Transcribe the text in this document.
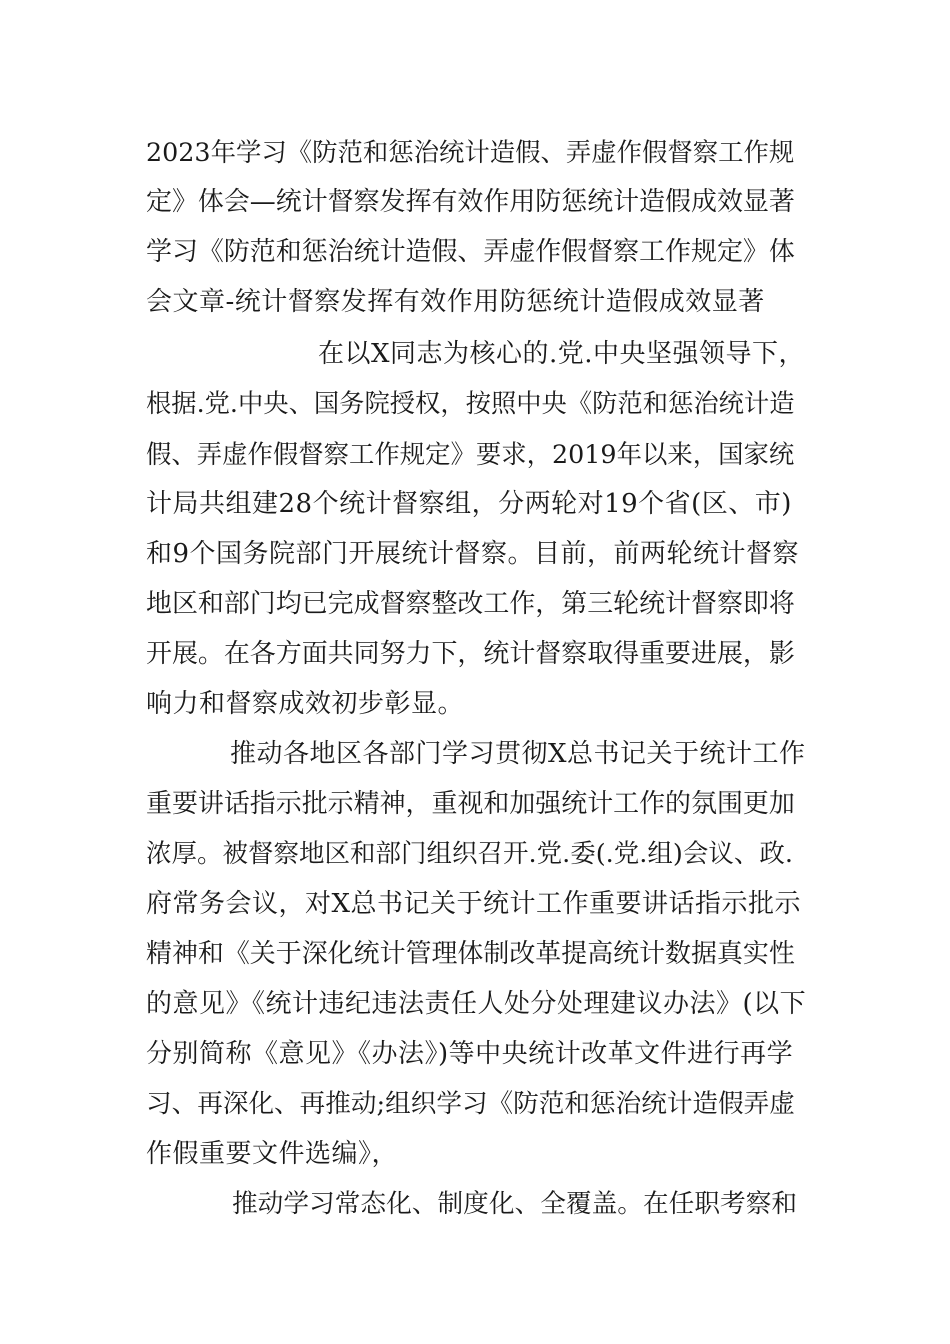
2023年学习《防范和惩治统计造假、弄虚作假督察工作规
定》体会—统计督察发挥有效作用防惩统计造假成效显著
学习《防范和惩治统计造假、弄虚作假督察工作规定》体
会文章-统计督察发挥有效作用防惩统计造假成效显著
在以X同志为核心的.党.中央坚强领导下，
根据.党.中央、国务院授权，按照中央《防范和惩治统计造
假、弄虚作假督察工作规定》要求，2019年以来，国家统
计局共组建28个统计督察组，分两轮对19个省(区、市)
和9个国务院部门开展统计督察。目前，前两轮统计督察
地区和部门均已完成督察整改工作，第三轮统计督察即将
开展。在各方面共同努力下，统计督察取得重要进展，影
响力和督察成效初步彰显。
推动各地区各部门学习贯彻X总书记关于统计工作
重要讲话指示批示精神，重视和加强统计工作的氛围更加
浓厚。被督察地区和部门组织召开.党.委(.党.组)会议、政.
府常务会议，对X总书记关于统计工作重要讲话指示批示
精神和《关于深化统计管理体制改革提高统计数据真实性
的意见》《统计违纪违法责任人处分处理建议办法》(以下
分别简称《意见》《办法》)等中央统计改革文件进行再学
习、再深化、再推动;组织学习《防范和惩治统计造假弄虚
作假重要文件选编》，
推动学习常态化、制度化、全覆盖。在任职考察和
